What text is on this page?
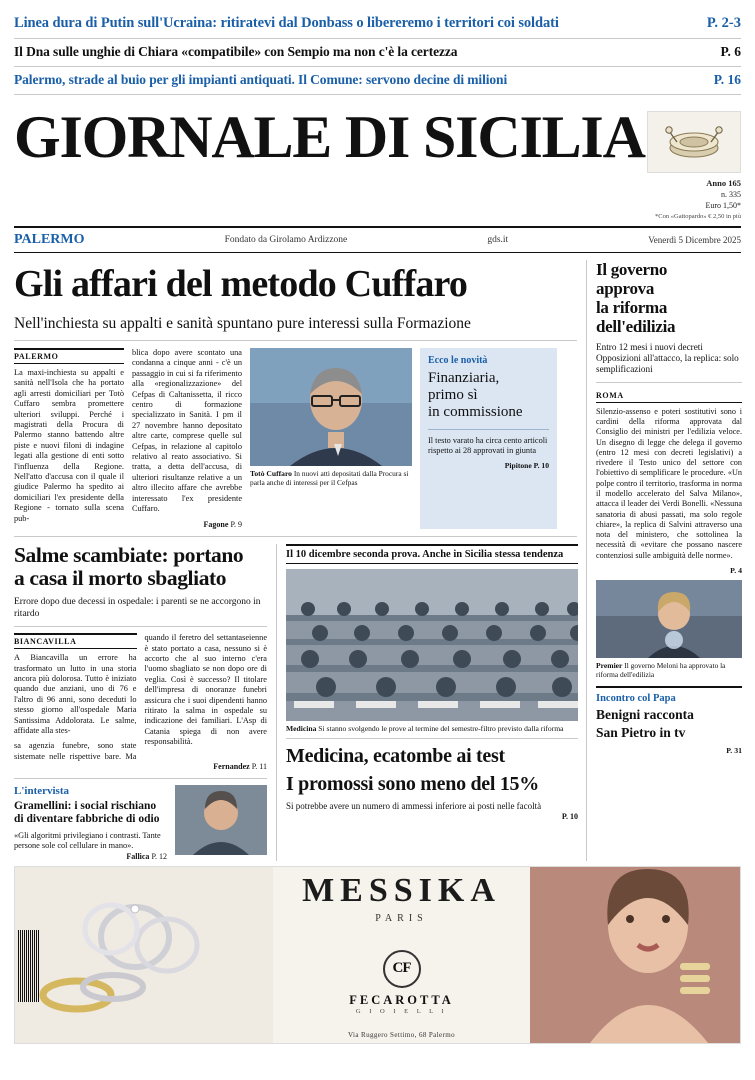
Linea dura di Putin sull'Ucraina: ritiratevi dal Donbass o libereremo i territori coi soldati	P. 2-3
Il Dna sulle unghie di Chiara «compatibile» con Sempio ma non c'è la certezza	P. 6
Palermo, strade al buio per gli impianti antiquati. Il Comune: servono decine di milioni	P. 16
GIORNALE DI SICILIA
Anno 165
n. 335
Euro 1,50*
*Con «Gattopardo» € 2,50 in più
PALERMO	Fondato da Girolamo Ardizzone	gds.it	Venerdì 5 Dicembre 2025
Gli affari del metodo Cuffaro
Nell'inchiesta su appalti e sanità spuntano pure interessi sulla Formazione
PALERMO

La maxi-inchiesta su appalti e sanità nell'Isola che ha portato agli arresti domiciliari per Totò Cuffaro sembra promettere ulteriori sviluppi. Perché i magistrati della Procura di Palermo stanno battendo altre piste e nuovi filoni di indagine legati alla gestione di enti sotto l'influenza della Regione. Nell'atto d'accusa con il quale il giudice Palermo ha spedito ai domiciliari l'ex presidente della Regione - tornato sulla scena pub-

blica dopo avere scontato una condanna a cinque anni - c'è un passaggio in cui si fa riferimento alla «regionalizzazione» del Cefpas di Caltanissetta, il ricco centro di formazione specializzato in Sanità. I pm il 27 novembre hanno depositato altre carte, comprese quelle sul Cefpas, in relazione al capitolo relativo al reato associativo. Si tratta, a detta dell'accusa, di ulteriori risultanze relative a un altro illecito affare che avrebbe interessato l'ex presidente Cuffaro.

Fagone P. 9
Totò Cuffaro In nuovi atti depositati dalla Procura si parla anche di interessi per il Cefpas
Ecco le novità
Finanziaria,
primo sì
in commissione
Il testo varato ha circa cento articoli rispetto ai 28 approvati in giunta
Pipitone P. 10
Salme scambiate: portano
a casa il morto sbagliato
Errore dopo due decessi in ospedale: i parenti se ne accorgono in ritardo
BIANCAVILLA

A Biancavilla un errore ha trasformato un lutto in una storia ancora più dolorosa. Tutto è iniziato quando due anziani, uno di 76 e l'altro di 96 anni, sono deceduti lo stesso giorno all'ospedale Maria Santissima Addolorata. Le salme, affidate alla stes-

sa agenzia funebre, sono state sistemate nelle rispettive bare. Ma quando il feretro del settantaseienne è stato portato a casa, nessuno si è accorto che al suo interno c'era l'uomo sbagliato se non dopo ore di veglia. Così è successo? Il titolare dell'impresa di onoranze funebri assicura che i suoi dipendenti hanno ritirato la salma in ospedale su indicazione dei familiari. L'Asp di Catania spiega di non avere responsabilità.

Fernandez P. 11
L'intervista
Gramellini: i social rischiano di diventare fabbriche di odio
«Gli algoritmi privilegiano i contrasti. Tante persone sole col cellulare in mano».
Fallica P. 12
Il 10 dicembre seconda prova. Anche in Sicilia stessa tendenza
Medicina Si stanno svolgendo le prove al termine del semestre-filtro previsto dalla riforma
Medicina, ecatombe ai test
I promossi sono meno del 15%
Si potrebbe avere un numero di ammessi inferiore ai posti nelle facoltà
P. 10
Il governo
approva
la riforma
dell'edilizia
Entro 12 mesi i nuovi decreti Opposizioni all'attacco, la replica: solo semplificazioni
ROMA

Silenzio-assenso e poteri sostitutivi sono i cardini della riforma approvata dal Consiglio dei ministri per l'edilizia veloce. Un disegno di legge che delega il governo (entro 12 mesi con decreti legislativi) a rivedere il Testo unico del settore con l'obiettivo di semplificare le procedure. «Un polpe contro il territorio, trasforma in norma il modello accelerato del Salva Milano», attacca il leader dei Verdi Bonelli. «Nessuna sanatoria di abusi passati, ma solo regole chiare», la replica di Salvini attraverso una nota del ministero, che sottolinea la necessità di «evitare che possano nascere contenziosi sulle ambiguità delle norme».

P. 4
Premier Il governo Meloni ha approvato la riforma dell'edilizia
Incontro col Papa
Benigni racconta
San Pietro in tv
P. 31
MESSIKA
PARIS
CF
FECAROTTA
G I O I E L L I
Via Ruggero Settimo, 68 Palermo
